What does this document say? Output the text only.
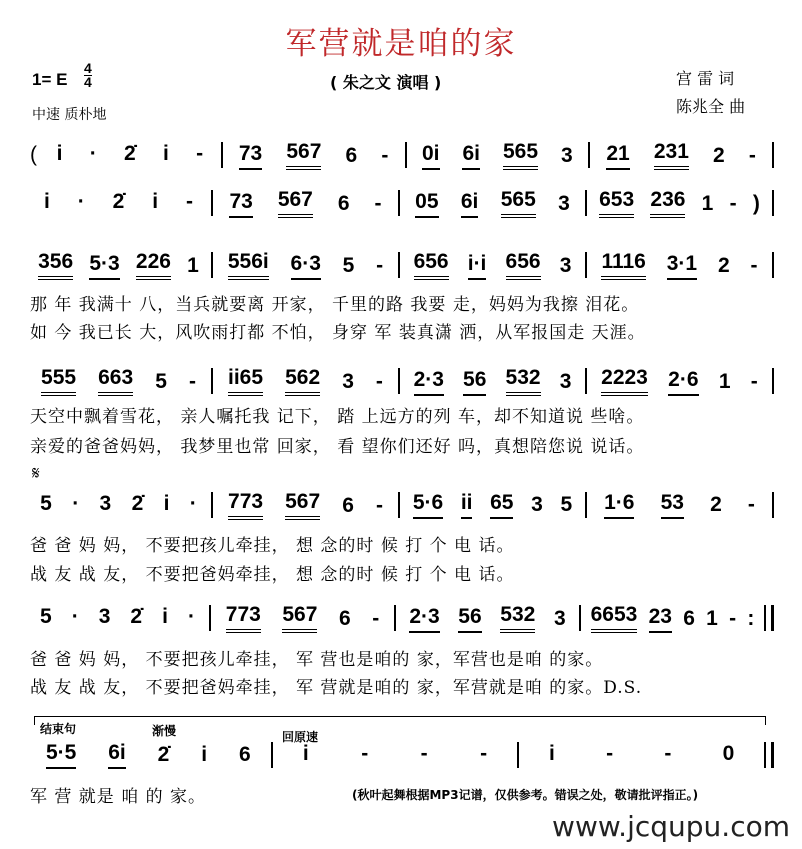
军营就是咱的家
1= E
4
4
中速 质朴地
( 朱之文 演唱 )	宫 雷 词
陈兆全 曲
( i · 2̇ i - 73 567 6 - 0i 6i 565 3 21 231 2 -
i · 2̇ i - 73 567 6 - 05 6i 565 3 653 236 1 - )
356 5·3 226 1 556i 6·3 5 - 656 i·i 656 3 1116 3·1 2 -
555 663 5 - ii65 562 3 - 2·3 56 532 3 2223 2·6 1 -
5 · 3 2̇ i · 773 567 6 - 5·6 ii 65 3 5 1·6 53 2 -
5 · 3 2̇ i · 773 567 6 - 2·3 56 532 3 6653 23 6 1 - :
5·5 6i 2̇ i 6 i - - -	i - - 0
𝄋
结束句	渐慢	回原速
那 年 我满十 八，当兵就要离 开家， 千里的路 我要 走，妈妈为我擦 泪花。
如 今 我已长 大，风吹雨打都 不怕， 身穿 军 装真潇 洒，从军报国走 天涯。
天空中飘着雪花， 亲人嘱托我 记下， 踏 上远方的列 车，却不知道说 些啥。
亲爱的爸爸妈妈， 我梦里也常 回家， 看 望你们还好 吗，真想陪您说 说话。
爸 爸 妈 妈， 不要把孩儿牵挂， 想 念的时 候 打 个 电 话。
战 友 战 友， 不要把爸妈牵挂， 想 念的时 候 打 个 电 话。
爸 爸 妈 妈， 不要把孩儿牵挂， 军 营也是咱的 家，军营也是咱 的家。
战 友 战 友， 不要把爸妈牵挂， 军 营就是咱的 家，军营就是咱 的家。D.S.
军 营 就是 咱 的 家。	(秋叶起舞根据MP3记谱，仅供参考。错误之处，敬请批评指正。)
www.jcqupu.com
